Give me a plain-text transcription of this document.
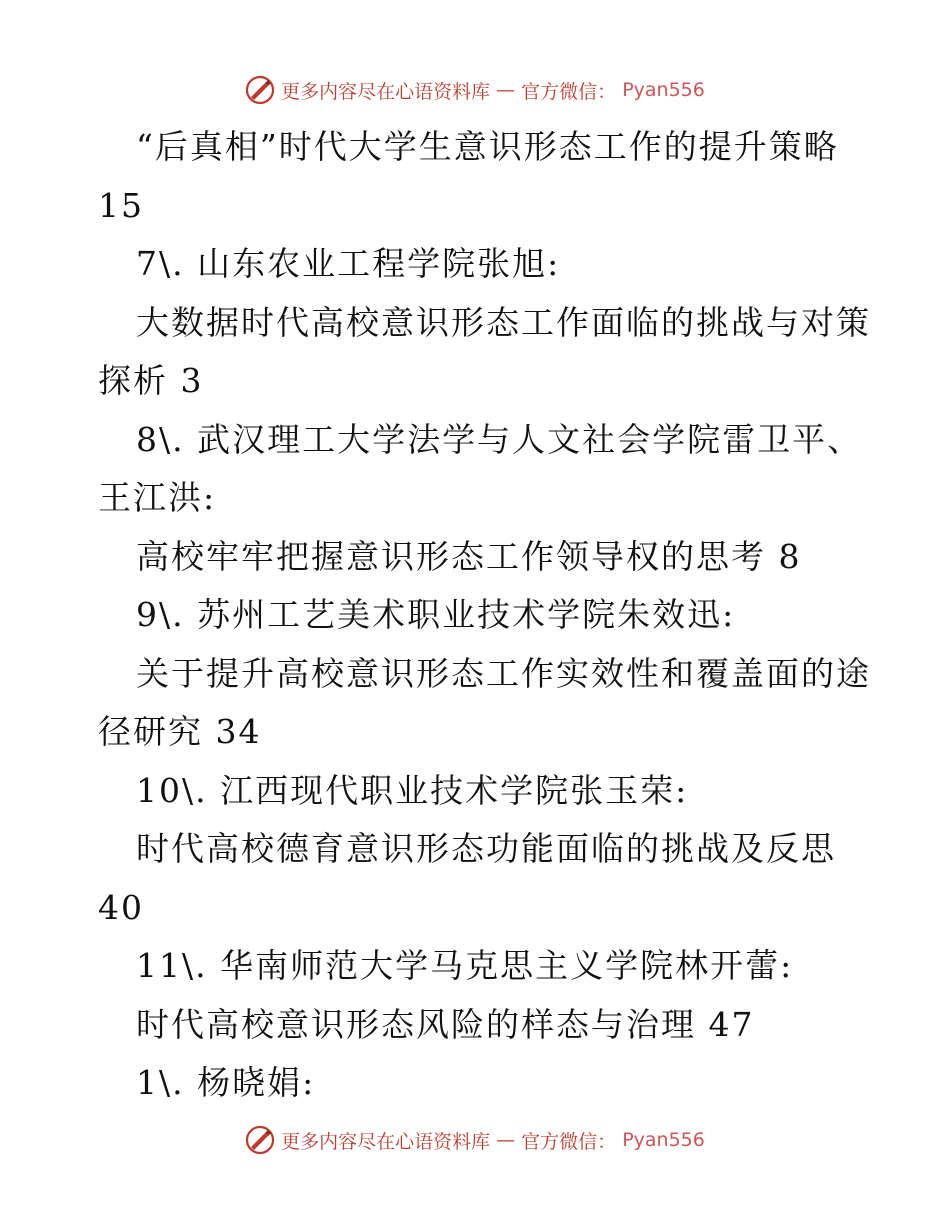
更多内容尽在心语资料库 — 官方微信： Pyan556
“后真相”时代大学生意识形态工作的提升策略
15
7\. 山东农业工程学院张旭:
大数据时代高校意识形态工作面临的挑战与对策
探析 3
8\. 武汉理工大学法学与人文社会学院雷卫平、
王江洪:
高校牢牢把握意识形态工作领导权的思考 8
9\. 苏州工艺美术职业技术学院朱效迅:
关于提升高校意识形态工作实效性和覆盖面的途
径研究 34
10\. 江西现代职业技术学院张玉荣:
时代高校德育意识形态功能面临的挑战及反思
40
11\. 华南师范大学马克思主义学院林开蕾:
时代高校意识形态风险的样态与治理 47
1\. 杨晓娟:
更多内容尽在心语资料库 — 官方微信： Pyan556
